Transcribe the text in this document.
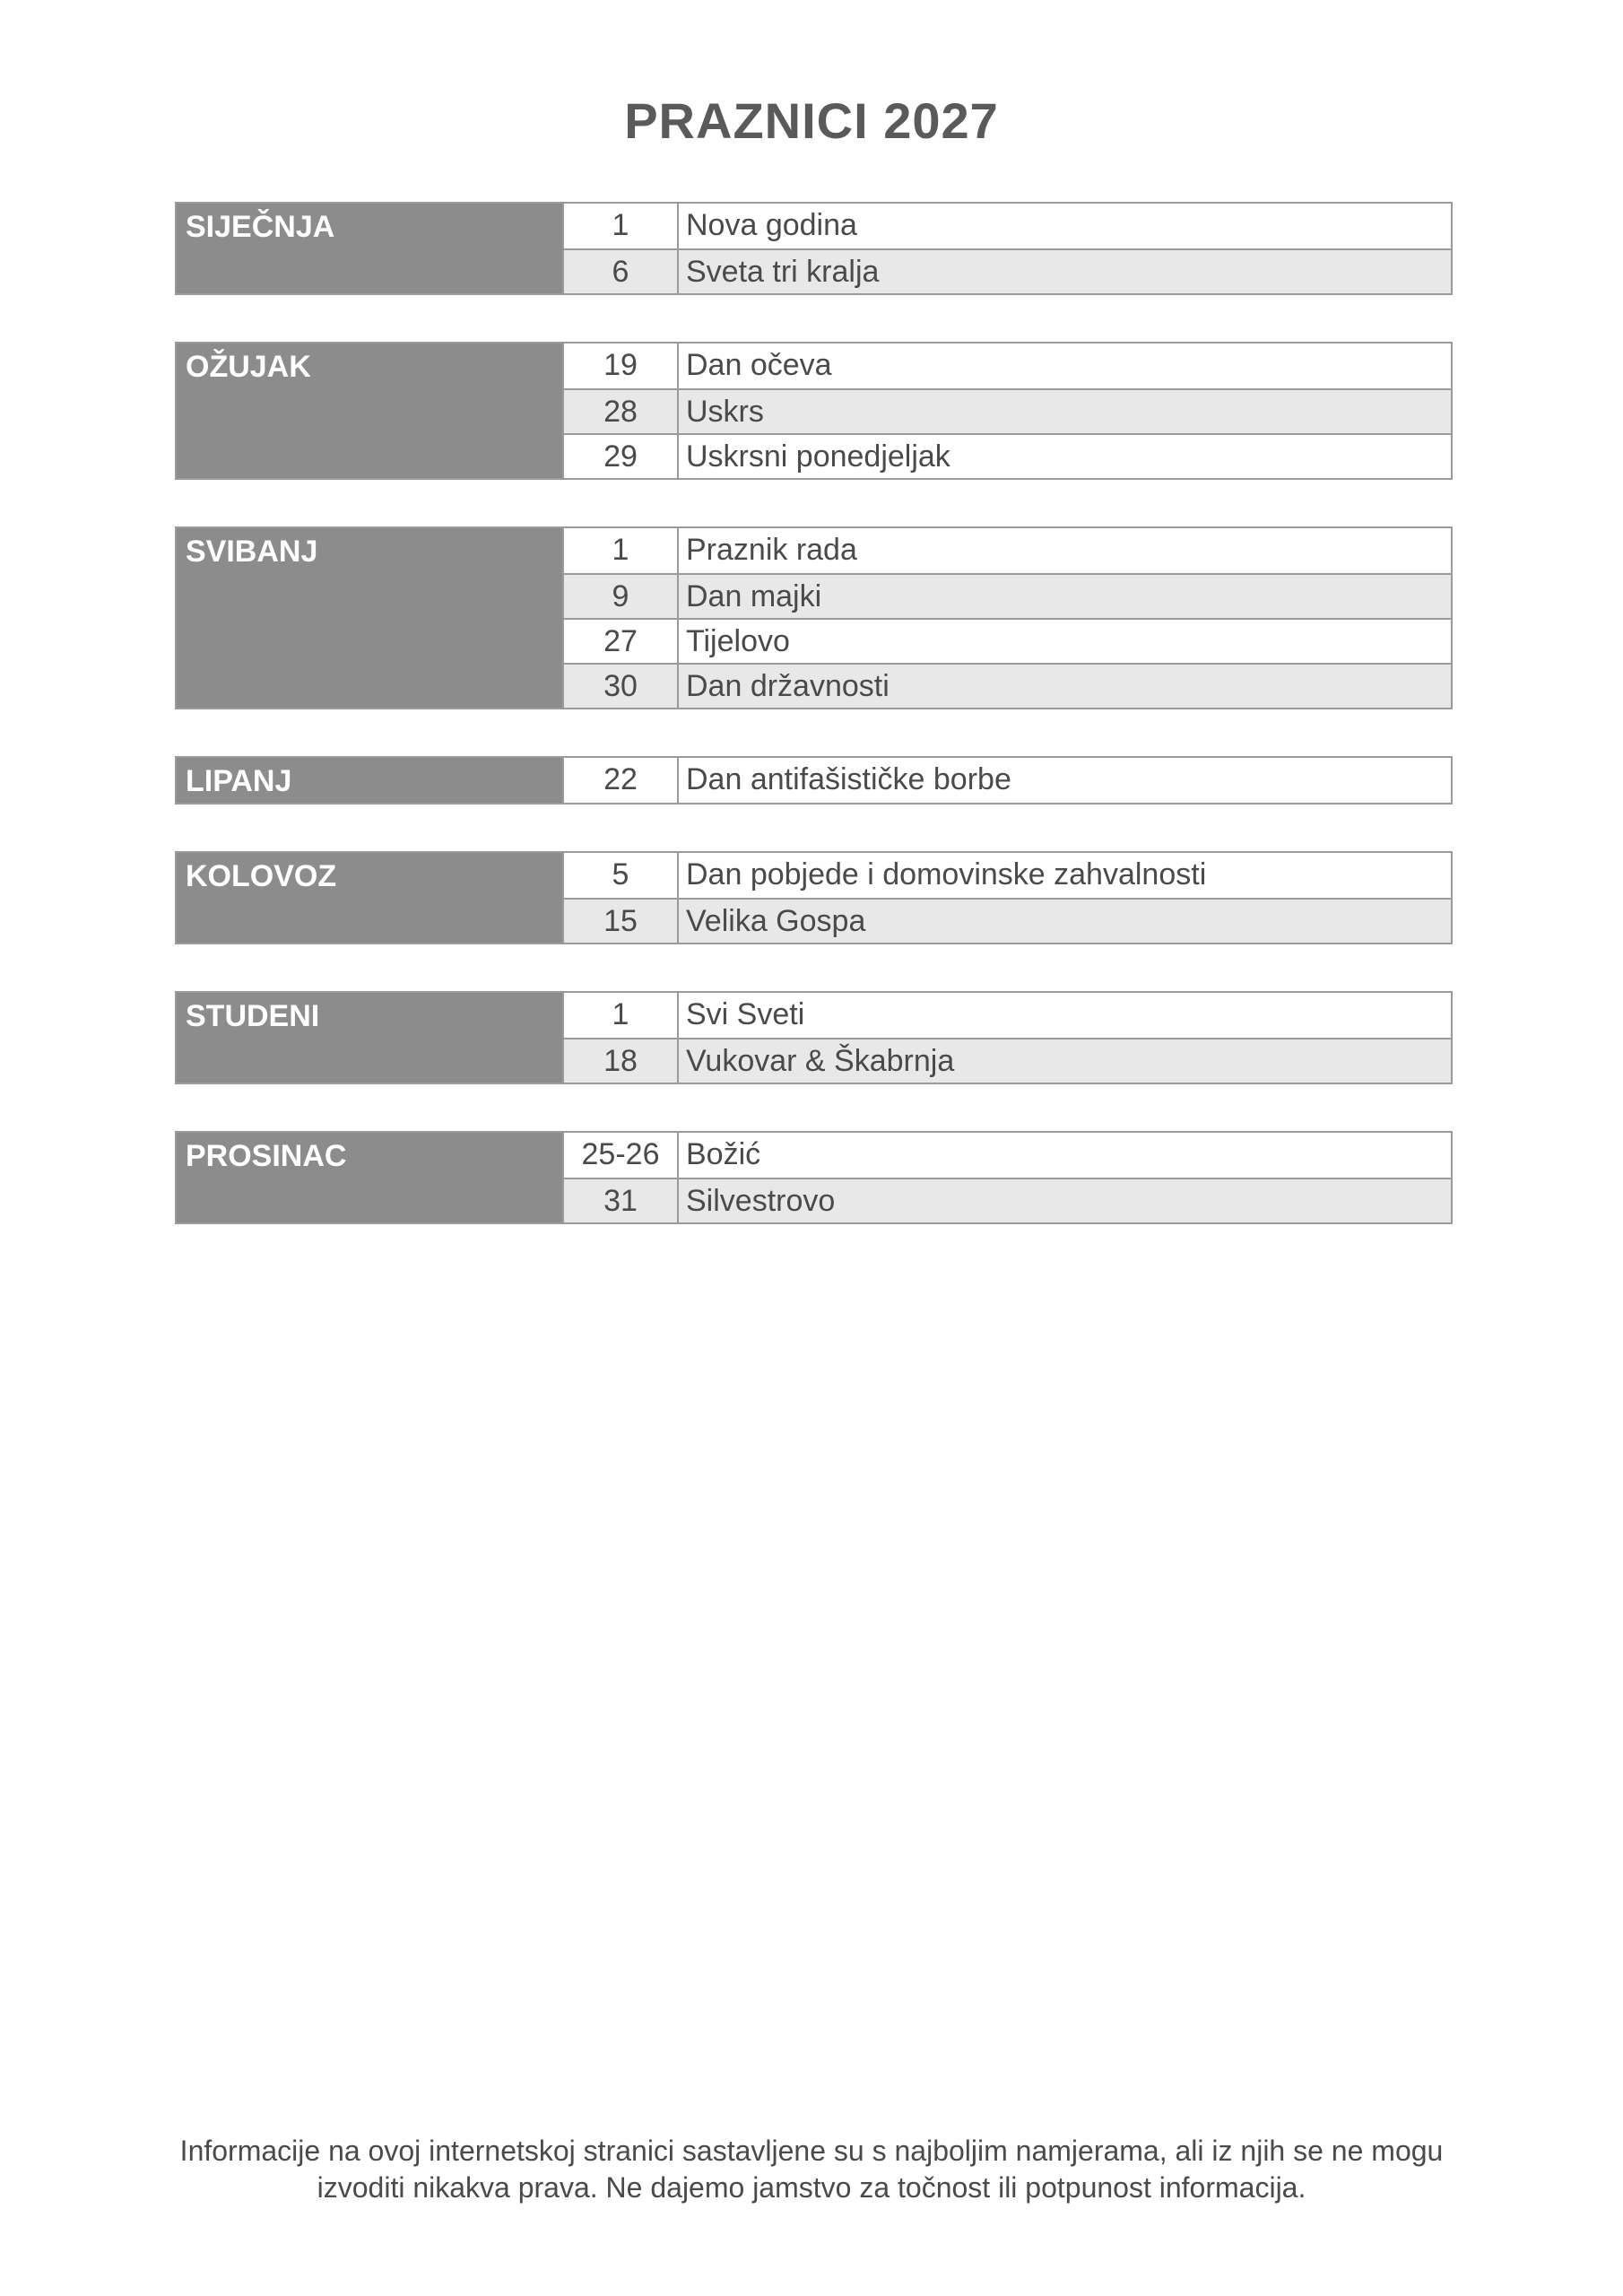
PRAZNICI 2027
SIJEČNJA	1	Nova godina
6	Sveta tri kralja
OŽUJAK	19	Dan očeva
28	Uskrs
29	Uskrsni ponedjeljak
SVIBANJ	1	Praznik rada
9	Dan majki
27	Tijelovo
30	Dan državnosti
LIPANJ	22	Dan antifašističke borbe
KOLOVOZ	5	Dan pobjede i domovinske zahvalnosti
15	Velika Gospa
STUDENI	1	Svi Sveti
18	Vukovar & Škabrnja
PROSINAC	25-26 Božić
31	Silvestrovo
Informacije na ovoj internetskoj stranici sastavljene su s najboljim namjerama, ali iz njih se ne mogu
izvoditi nikakva prava. Ne dajemo jamstvo za točnost ili potpunost informacija.
